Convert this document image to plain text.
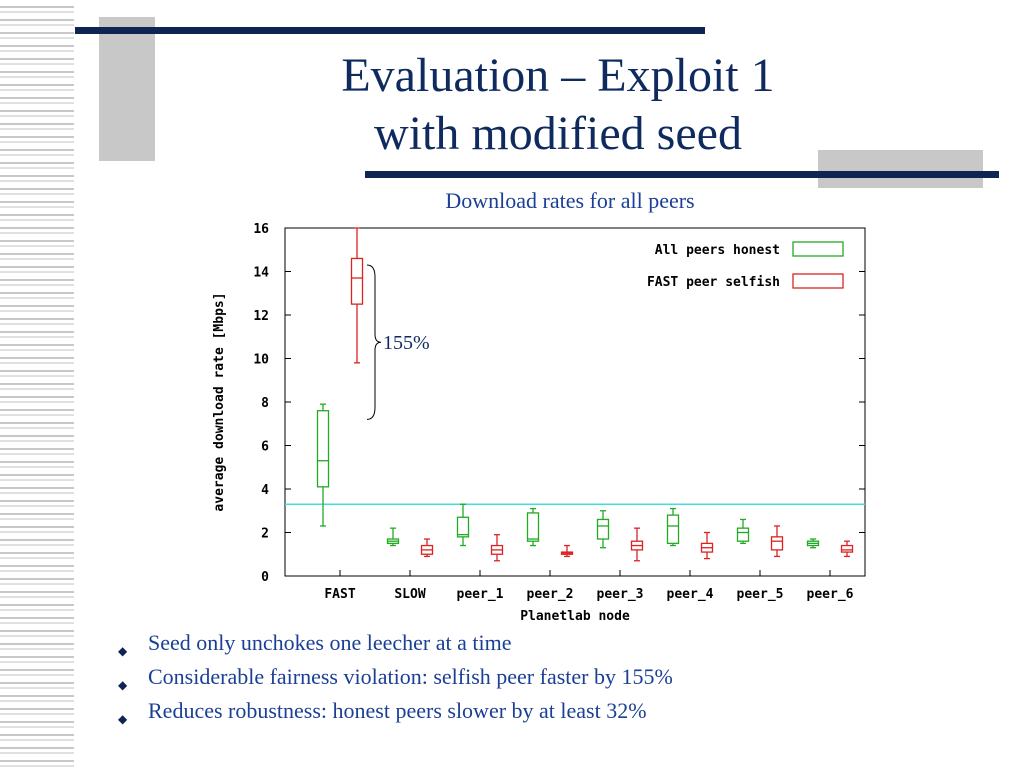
Evaluation – Exploit 1
with modified seed
Download rates for all peers
0
2
4
6
8
10
12
14
16
FAST	SLOW peer_1 peer_2 peer_3 peer_4 peer_5 peer_6
Planetlab node
average download rate [Mbps]
All peers honest
FAST peer selfish
155%
◆ Seed only unchokes one leecher at a time
◆ Considerable fairness violation: selfish peer faster by 155%
◆ Reduces robustness: honest peers slower by at least 32%
